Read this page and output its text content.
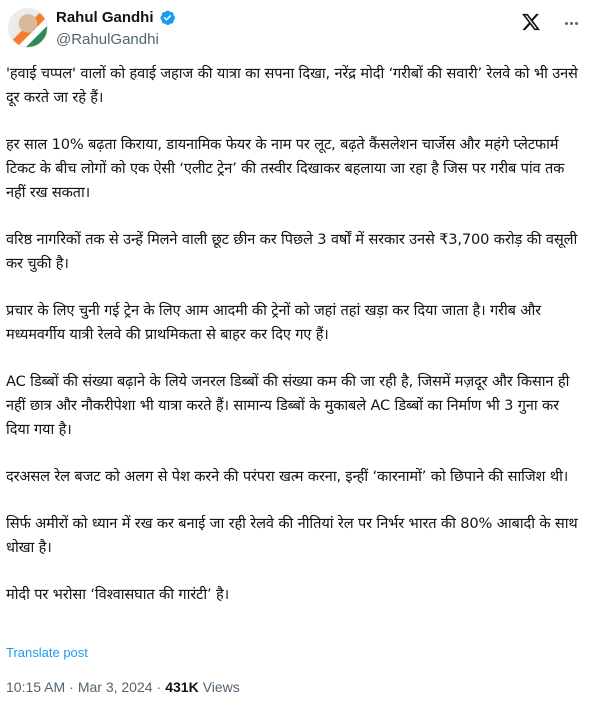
Rahul Gandhi
@RahulGandhi

'हवाई चप्पल' वालों को हवाई जहाज की यात्रा का सपना दिखा, नरेंद्र मोदी ‘गरीबों की सवारी’ रेलवे को भी उनसे दूर करते जा रहे हैं।

हर साल 10% बढ़ता किराया, डायनामिक फेयर के नाम पर लूट, बढ़ते कैंसलेशन चार्जेस और महंगे प्लेटफार्म टिकट के बीच लोगों को एक ऐसी ‘एलीट ट्रेन’ की तस्वीर दिखाकर बहलाया जा रहा है जिस पर गरीब पांव तक नहीं रख सकता।

वरिष्ठ नागरिकों तक से उन्हें मिलने वाली छूट छीन कर पिछले 3 वर्षों में सरकार उनसे ₹3,700 करोड़ की वसूली कर चुकी है।

प्रचार के लिए चुनी गई ट्रेन के लिए आम आदमी की ट्रेनों को जहां तहां खड़ा कर दिया जाता है। गरीब और मध्यमवर्गीय यात्री रेलवे की प्राथमिकता से बाहर कर दिए गए हैं।

AC डिब्बों की संख्या बढ़ाने के लिये जनरल डिब्बों की संख्या कम की जा रही है, जिसमें मज़दूर और किसान ही नहीं छात्र और नौकरीपेशा भी यात्रा करते हैं। सामान्य डिब्बों के मुकाबले AC डिब्बों का निर्माण भी 3 गुना कर दिया गया है।

दरअसल रेल बजट को अलग से पेश करने की परंपरा खत्म करना, इन्हीं ‘कारनामों’ को छिपाने की साजिश थी।

सिर्फ अमीरों को ध्यान में रख कर बनाई जा रही रेलवे की नीतियां रेल पर निर्भर भारत की 80% आबादी के साथ धोखा है।

मोदी पर भरोसा ‘विश्वासघात की गारंटी’ है।

Translate post
10:15 AM · Mar 3, 2024 · 431K Views
